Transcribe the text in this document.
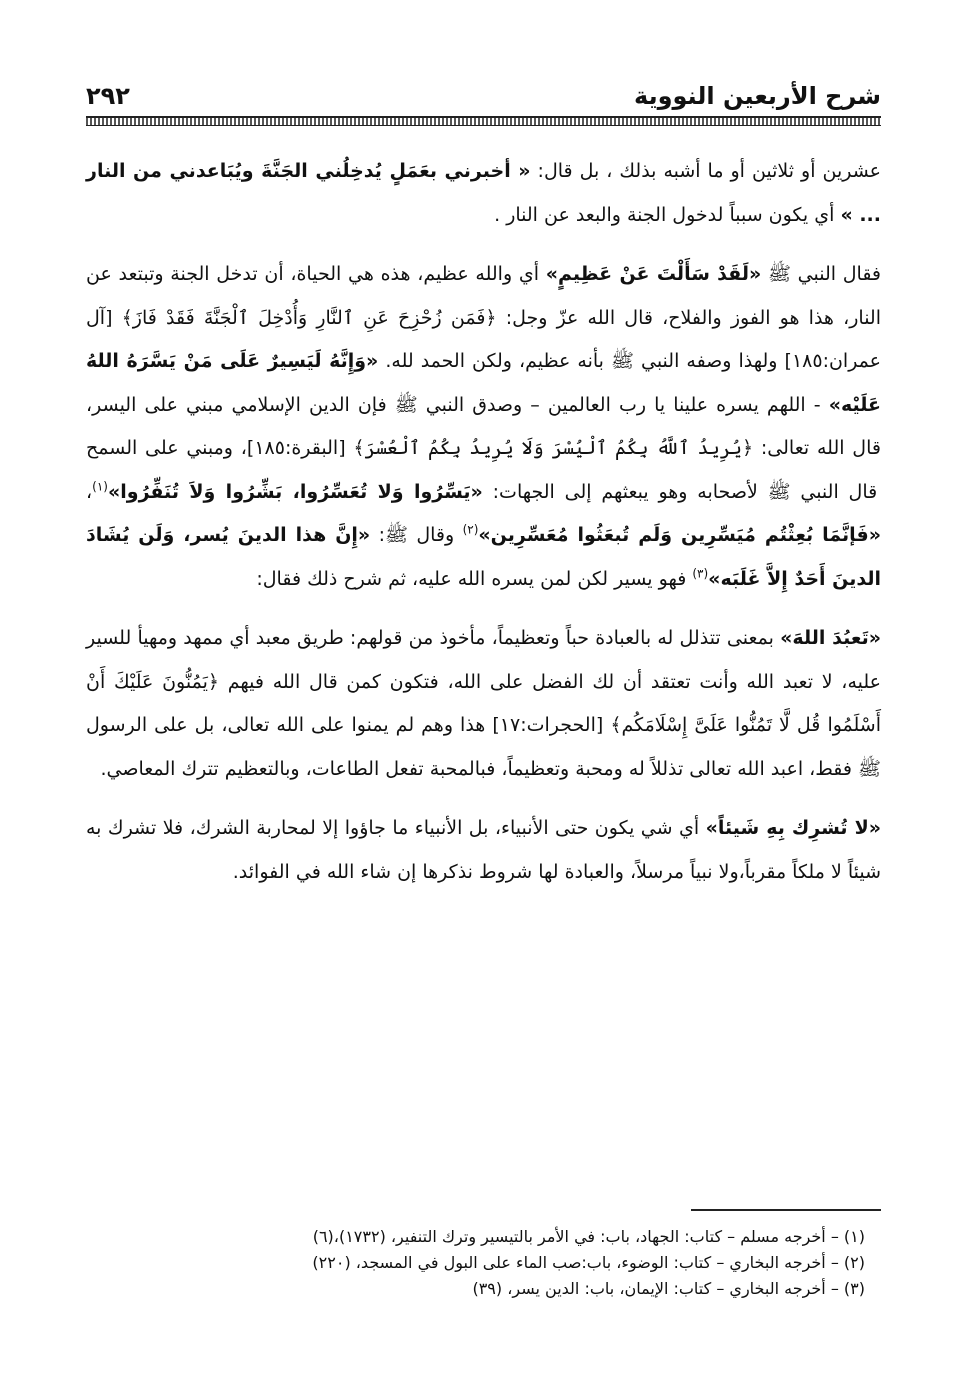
شرح الأربعين النووية
٢٩٢

عشرين أو ثلاثين أو ما أشبه بذلك ، بل قال: « أخبرني بعَمَلٍ يُدخِلُني الجَنَّةَ ويُبَاعدني من النار ... » أي يكون سبباً لدخول الجنة والبعد عن النار .

فقال النبي ﷺ «لَقَدْ سَأَلْتَ عَنْ عَظِيمٍ» أي والله عظيم، هذه هي الحياة، أن تدخل الجنة وتبتعد عن النار، هذا هو الفوز والفلاح، قال الله عزّ وجل: ﴿فَمَن زُحْزِحَ عَنِ ٱلنَّارِ وَأُدْخِلَ ٱلْجَنَّةَ فَقَدْ فَازَ﴾ [آل عمران:١٨٥] ولهذا وصفه النبي ﷺ بأنه عظيم، ولكن الحمد لله. «وَإِنَّهُ لَيَسِيرٌ عَلَى مَنْ يَسَّرَهُ اللهُ عَلَيْه» - اللهم يسره علينا يا رب العالمين – وصدق النبي ﷺ فإن الدين الإسلامي مبني على اليسر، قال الله تعالى: ﴿يُرِيدُ ٱللَّهُ بِكُمُ ٱلْيُسْرَ وَلَا يُرِيدُ بِكُمُ ٱلْعُسْرَ﴾ [البقرة:١٨٥]، ومبني على السمح قال النبي ﷺ لأصحابه وهو يبعثهم إلى الجهات: «يَسِّرُوا وَلا تُعَسِّرُوا، بَشِّرُوا وَلاَ تُنَفِّرُوا»$^{(١)}$، «فَإنَّمَا بُعِثْتُم مُيَسِّرِين وَلَم تُبعَثُوا مُعَسِّرِين»$^{(٢)}$ وقال ﷺ: «إِنَّ هذا الدينَ يُسر، وَلَن يُشَادَ الدينَ أَحَدٌ إِلاَّ غَلَبَه»$^{(٣)}$ فهو يسير لكن لمن يسره الله عليه، ثم شرح ذلك فقال:

«تَعبُدَ اللهَ» بمعنى تتذلل له بالعبادة حباً وتعظيماً، مأخوذ من قولهم: طريق معبد أي ممهد ومهيأ للسير عليه، لا تعبد الله وأنت تعتقد أن لك الفضل على الله، فتكون كمن قال الله فيهم ﴿يَمُنُّونَ عَلَيْكَ أَنْ أَسْلَمُوا قُل لَّا تَمُنُّوا عَلَىَّ إِسْلَامَكُم﴾ [الحجرات:١٧] هذا وهم لم يمنوا على الله تعالى، بل على الرسول ﷺ فقط، اعبد الله تعالى تذللاً له ومحبة وتعظيماً، فبالمحبة تفعل الطاعات، وبالتعظيم تترك المعاصي.

«لا تُشرِك بِهِ شَيئاً» أي شي يكون حتى الأنبياء، بل الأنبياء ما جاؤوا إلا لمحاربة الشرك، فلا تشرك به شيئاً لا ملكاً مقرباً،ولا نبياً مرسلاً، والعبادة لها شروط نذكرها إن شاء الله في الفوائد.

(١) – أخرجه مسلم – كتاب: الجهاد، باب: في الأمر بالتيسير وترك التنفير، (١٧٣٢)،(٦)
(٢) – أخرجه البخاري – كتاب: الوضوء، باب:صب الماء على البول في المسجد، (٢٢٠)
(٣) – أخرجه البخاري – كتاب: الإيمان، باب: الدين يسر، (٣٩)
